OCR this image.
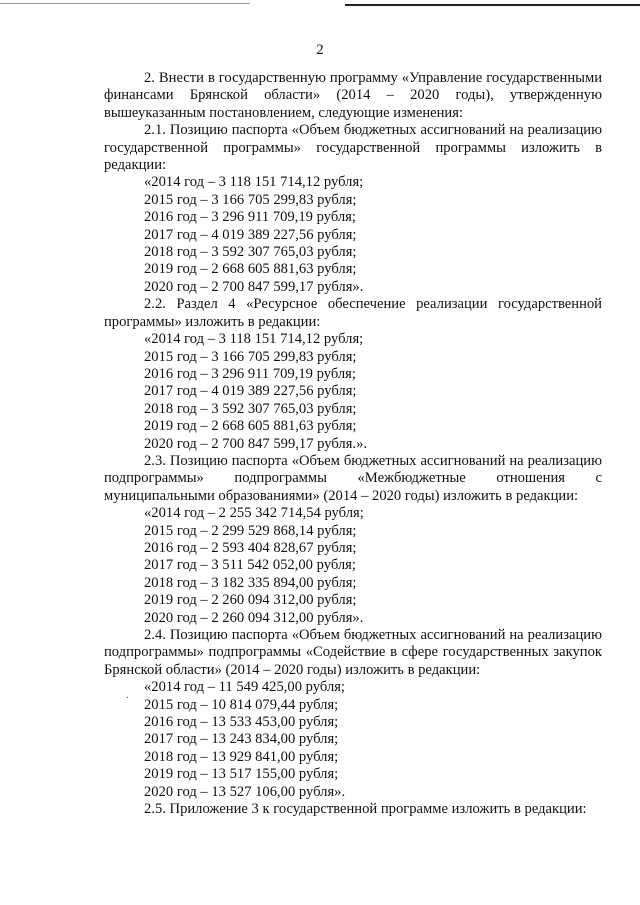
2

2. Внести в государственную программу «Управление государственными финансами Брянской области» (2014 – 2020 годы), утвержденную вышеуказанным постановлением, следующие изменения:

2.1. Позицию паспорта «Объем бюджетных ассигнований на реализацию государственной программы» государственной программы изложить в редакции:

«2014 год – 3 118 151 714,12 рубля;
2015 год – 3 166 705 299,83 рубля;
2016 год – 3 296 911 709,19 рубля;
2017 год – 4 019 389 227,56 рубля;
2018 год – 3 592 307 765,03 рубля;
2019 год – 2 668 605 881,63 рубля;
2020 год – 2 700 847 599,17 рубля».

2.2. Раздел 4 «Ресурсное обеспечение реализации государственной программы» изложить в редакции:

«2014 год – 3 118 151 714,12 рубля;
2015 год – 3 166 705 299,83 рубля;
2016 год – 3 296 911 709,19 рубля;
2017 год – 4 019 389 227,56 рубля;
2018 год – 3 592 307 765,03 рубля;
2019 год – 2 668 605 881,63 рубля;
2020 год – 2 700 847 599,17 рубля.».

2.3. Позицию паспорта «Объем бюджетных ассигнований на реализацию подпрограммы» подпрограммы «Межбюджетные отношения с муниципальными образованиями» (2014 – 2020 годы) изложить в редакции:

«2014 год – 2 255 342 714,54 рубля;
2015 год – 2 299 529 868,14 рубля;
2016 год – 2 593 404 828,67 рубля;
2017 год – 3 511 542 052,00 рубля;
2018 год – 3 182 335 894,00 рубля;
2019 год – 2 260 094 312,00 рубля;
2020 год – 2 260 094 312,00 рубля».

2.4. Позицию паспорта «Объем бюджетных ассигнований на реализацию подпрограммы» подпрограммы «Содействие в сфере государственных закупок Брянской области» (2014 – 2020 годы) изложить в редакции:

«2014 год – 11 549 425,00 рубля;
2015 год – 10 814 079,44 рубля;
2016 год – 13 533 453,00 рубля;
2017 год – 13 243 834,00 рубля;
2018 год – 13 929 841,00 рубля;
2019 год – 13 517 155,00 рубля;
2020 год – 13 527 106,00 рубля».

2.5. Приложение 3 к государственной программе изложить в редакции:

.
